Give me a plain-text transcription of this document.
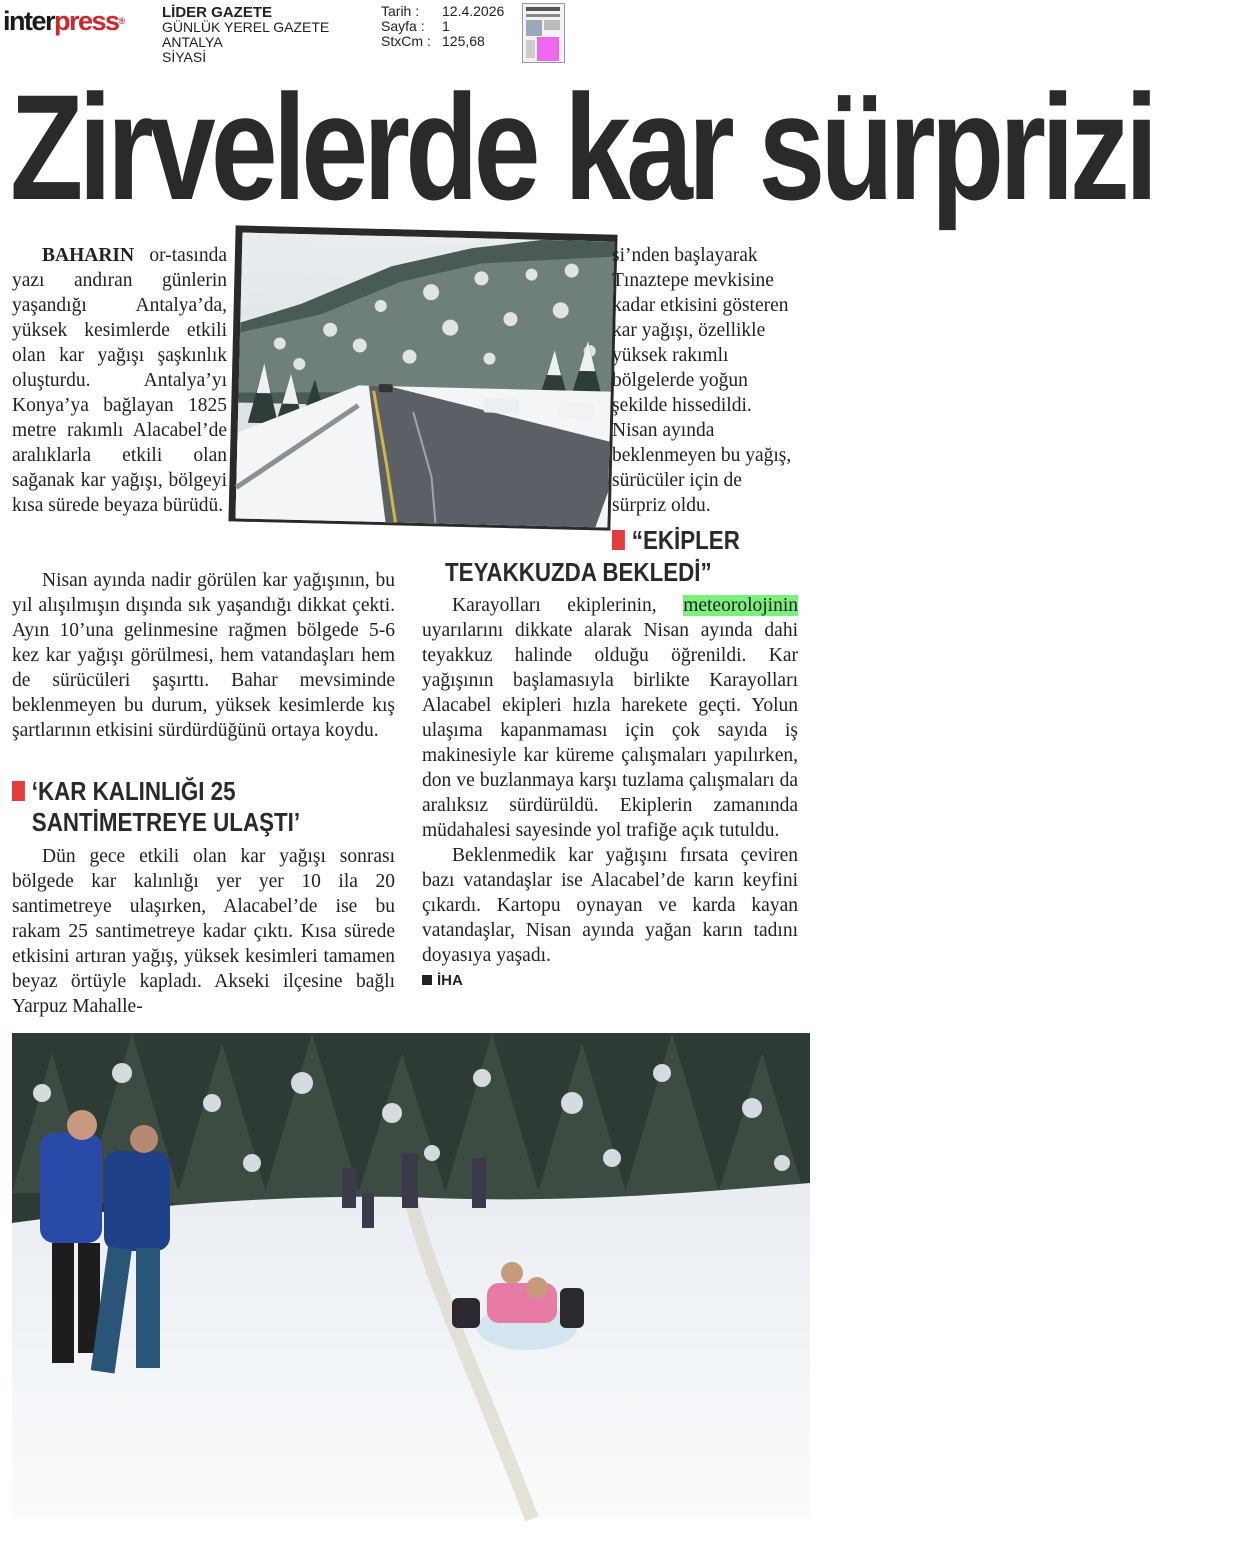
interpress®	LİDER GAZETE
GÜNLÜK YEREL GAZETE
ANTALYA
SİYASİ
Tarih :	12.4.2026
Sayfa :	1
StxCm : 125,68
Zirvelerde kar sürprizi

BAHARIN or-tasında yazı andıran günlerin yaşandığı Antalya’da, yüksek kesimlerde etkili olan kar yağışı şaşkınlık oluşturdu. Antalya’yı Konya’ya bağlayan 1825 metre rakımlı Alacabel’de aralıklarla etkili olan sağanak kar yağışı, bölgeyi kısa sürede beyaza bürüdü.

Nisan ayında nadir görülen kar yağışının, bu yıl alışılmışın dışında sık yaşandığı dikkat çekti. Ayın 10’una gelinmesine rağmen bölgede 5-6 kez kar yağışı görülmesi, hem vatandaşları hem de sürücüleri şaşırttı. Bahar mevsiminde beklenmeyen bu durum, yüksek kesimlerde kış şartlarının etkisini sürdürdüğünü ortaya koydu.

‘KAR KALINLIĞI 25
SANTİMETREYE ULAŞTI’

Dün gece etkili olan kar yağışı sonrası bölgede kar kalınlığı yer yer 10 ila 20 santimetreye ulaşırken, Alacabel’de ise bu rakam 25 santimetreye kadar çıktı. Kısa sürede etkisini artıran yağış, yüksek kesimleri tamamen beyaz örtüyle kapladı. Akseki ilçesine bağlı Yarpuz Mahalle-

si’nden başlayarak Tınaztepe mevkisine kadar etkisini gösteren kar yağışı, özellikle yüksek rakımlı bölgelerde yoğun şekilde hissedildi. Nisan ayında beklenmeyen bu yağış, sürücüler için de sürpriz oldu.

“EKİPLER
TEYAKKUZDA BEKLEDİ”

Karayolları ekiplerinin, meteorolojinin uyarılarını dikkate alarak Nisan ayında dahi teyakkuz halinde olduğu öğrenildi. Kar yağışının başlamasıyla birlikte Karayolları Alacabel ekipleri hızla harekete geçti. Yolun ulaşıma kapanmaması için çok sayıda iş makinesiyle kar küreme çalışmaları yapılırken, don ve buzlanmaya karşı tuzlama çalışmaları da aralıksız sürdürüldü. Ekiplerin zamanında müdahalesi sayesinde yol trafiğe açık tutuldu.

Beklenmedik kar yağışını fırsata çeviren bazı vatandaşlar ise Alacabel’de karın keyfini çıkardı. Kartopu oynayan ve karda kayan vatandaşlar, Nisan ayında yağan karın tadını doyasıya yaşadı.

İHA
